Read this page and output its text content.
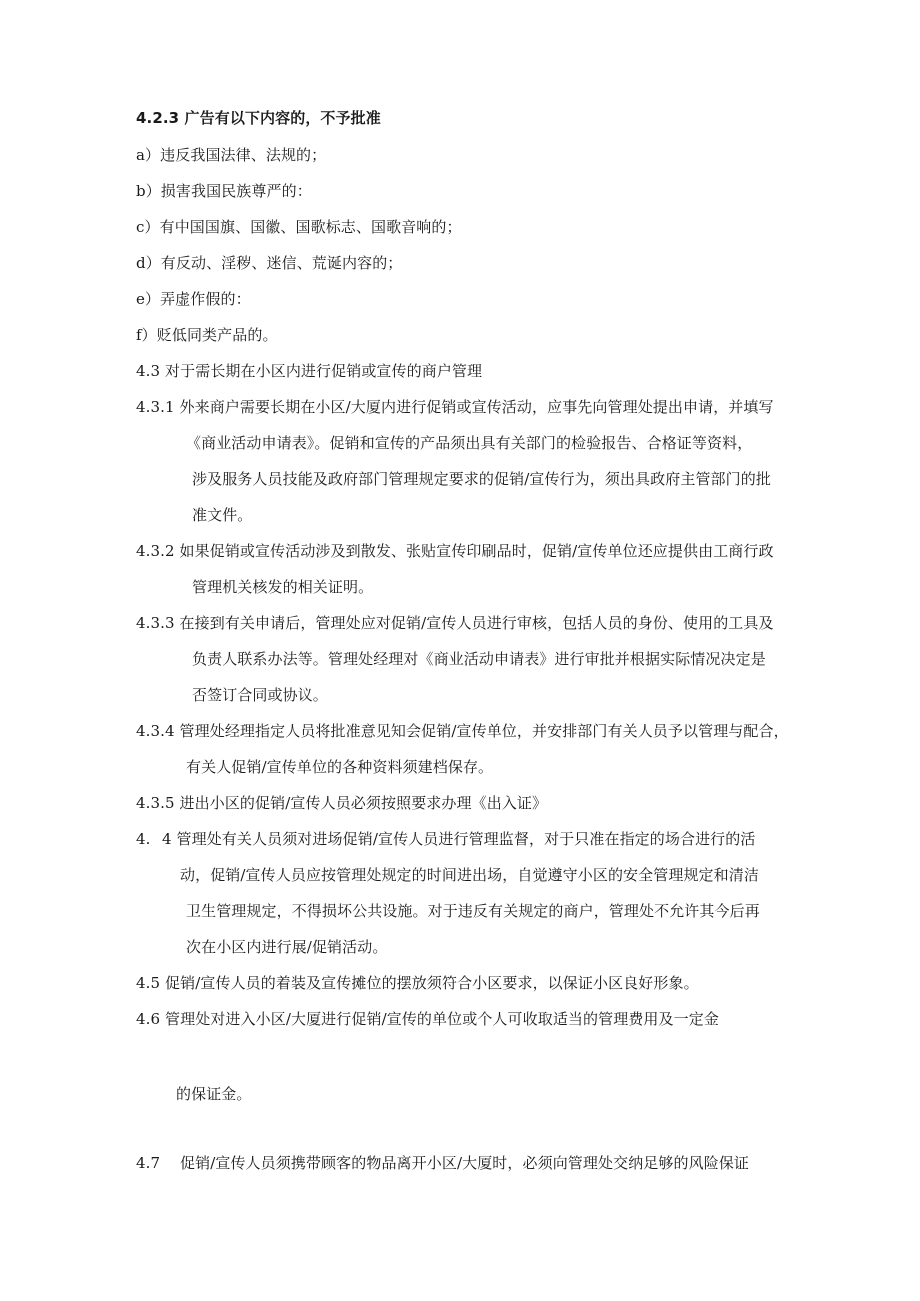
4.2.3 广告有以下内容的，不予批准
a）违反我国法律、法规的；
b）损害我国民族尊严的：
c）有中国国旗、国徽、国歌标志、国歌音响的；
d）有反动、淫秽、迷信、荒诞内容的；
e）弄虚作假的：
f）贬低同类产品的。
4.3 对于需长期在小区内进行促销或宣传的商户管理
4.3.1 外来商户需要长期在小区/大厦内进行促销或宣传活动，应事先向管理处提出申请，并填写
《商业活动申请表》。促销和宣传的产品须出具有关部门的检验报告、合格证等资料，
涉及服务人员技能及政府部门管理规定要求的促销/宣传行为，须出具政府主管部门的批
准文件。
4.3.2 如果促销或宣传活动涉及到散发、张贴宣传印刷品时，促销/宣传单位还应提供由工商行政
管理机关核发的相关证明。
4.3.3 在接到有关申请后，管理处应对促销/宣传人员进行审核，包括人员的身份、使用的工具及
负责人联系办法等。管理处经理对《商业活动申请表》进行审批并根据实际情况决定是
否签订合同或协议。
4.3.4 管理处经理指定人员将批准意见知会促销/宣传单位，并安排部门有关人员予以管理与配合，
有关人促销/宣传单位的各种资料须建档保存。
4.3.5 进出小区的促销/宣传人员必须按照要求办理《出入证》
4. 4 管理处有关人员须对进场促销/宣传人员进行管理监督，对于只准在指定的场合进行的活
动，促销/宣传人员应按管理处规定的时间进出场，自觉遵守小区的安全管理规定和清洁
卫生管理规定，不得损坏公共设施。对于违反有关规定的商户，管理处不允许其今后再
次在小区内进行展/促销活动。
4.5 促销/宣传人员的着装及宣传摊位的摆放须符合小区要求，以保证小区良好形象。
4.6 管理处对进入小区/大厦进行促销/宣传的单位或个人可收取适当的管理费用及一定金
的保证金。
4.7 促销/宣传人员须携带顾客的物品离开小区/大厦时，必须向管理处交纳足够的风险保证
